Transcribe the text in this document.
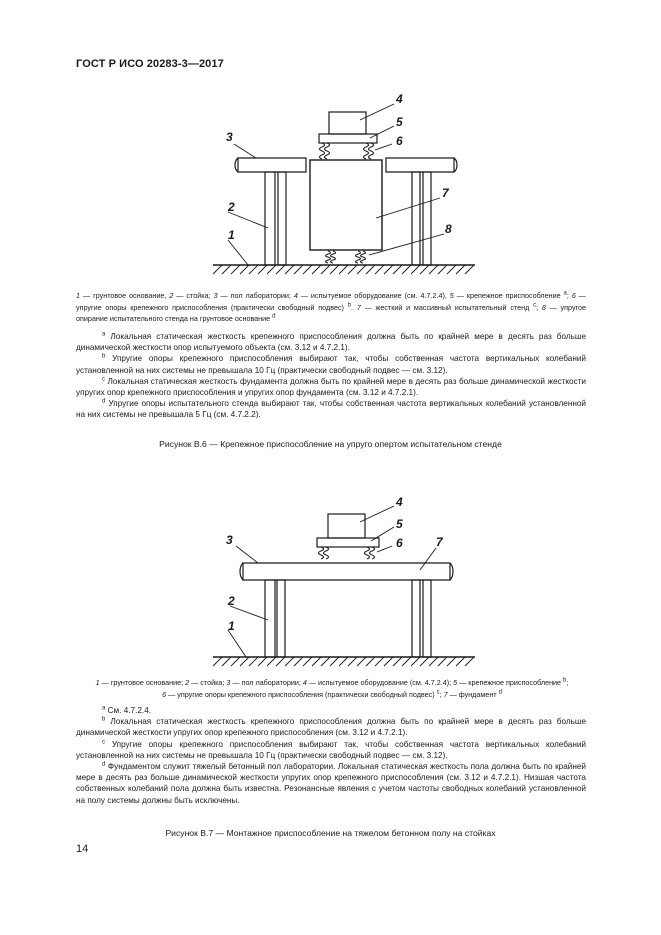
ГОСТ Р ИСО 20283-3—2017
3
2
1
4
5
6
7
8
1 — грунтовое основание, 2 — стойка; 3 — пол лаборатории; 4 — испытуемое оборудование (см. 4.7.2.4), 5 — крепежное приспособление $^a$; 6 — упругие опоры крепежного приспособления (практически свободный подвес) $^b$. 7 — жесткий и массивный испытательный стенд $^c$; 8 — упругое опирание испытательного стенда на грунтовое основание $^d$

$^a$ Локальная статическая жесткость крепежного приспособления должна быть по крайней мере в десять раз больше динамической жесткости опор испытуемого объекта (см. 3.12 и 4.7.2.1).

$^b$ Упругие опоры крепежного приспособления выбирают так, чтобы собственная частота вертикальных колебаний установленной на них системы не превышала 10 Гц (практически свободный подвес — см. 3.12).

$^c$ Локальная статическая жесткость фундамента должна быть по крайней мере в десять раз больше динамической жесткости упругих опор крепежного приспособления и упругих опор фундамента (см. 3.12 и 4.7.2.1).

$^d$ Упругие опоры испытательного стенда выбирают так, чтобы собственная частота вертикальных колебаний установленной на них системы не превышала 5 Гц (см. 4.7.2.2).

Рисунок В.6 — Крепежное приспособление на упруго опертом испытательном стенде
3
2
1
4
5
6	7
1 — грунтовое основание; 2 — стойка; 3 — пол лаборатории; 4 — испытуемое оборудование (см. 4.7.2.4); 5 — крепежное приспособление $^b$;
6 — упругие опоры крепежного приспособления (практически свободный подвес) $^c$; 7 — фундамент $^d$

$^a$ См. 4.7.2.4.

$^b$ Локальная статическая жесткость крепежного приспособления должна быть по крайней мере в десять раз больше динамической жесткости упругих опор крепежного приспособления (см. 3.12 и 4.7.2.1).

$^c$ Упругие опоры крепежного приспособления выбирают так, чтобы собственная частота вертикальных колебаний установленной на них системы не превышала 10 Гц (практически свободный подвес — см. 3.12).

$^d$ Фундаментом служит тяжелый бетонный пол лаборатории. Локальная статическая жесткость пола должна быть по крайней мере в десять раз больше динамической жесткости упругих опор крепежного приспособления (см. 3.12 и 4.7.2.1). Низшая частота собственных колебаний пола должна быть известна. Резонансные явления с учетом частоты свободных колебаний установленной на полу системы должны быть исключены.

Рисунок В.7 — Монтажное приспособление на тяжелом бетонном полу на стойках
14
